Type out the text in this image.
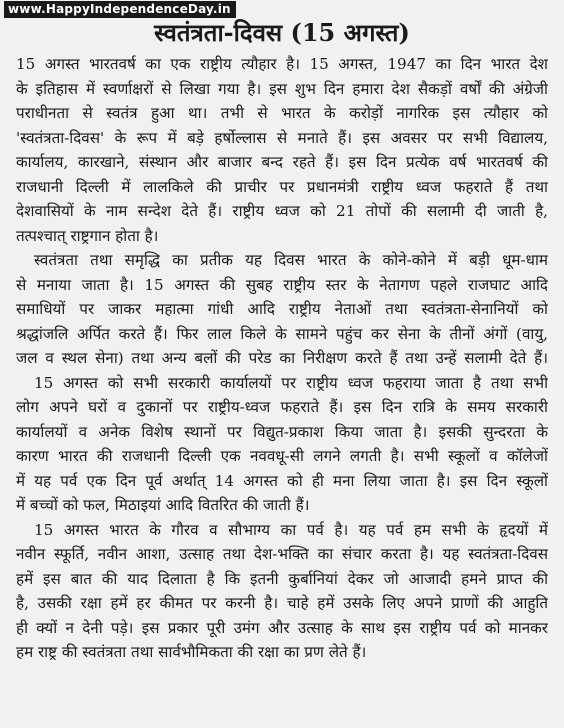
www.HappyIndependenceDay.in
स्वतंत्रता-दिवस (15 अगस्त)
15 अगस्त भारतवर्ष का एक राष्ट्रीय त्यौहार है। 15 अगस्त, 1947 का दिन भारत देश
के इतिहास में स्वर्णाक्षरों से लिखा गया है। इस शुभ दिन हमारा देश सैकड़ों वर्षों की अंग्रेजी
पराधीनता से स्वतंत्र हुआ था। तभी से भारत के करोड़ों नागरिक इस त्यौहार को
'स्वतंत्रता-दिवस' के रूप में बड़े हर्षोल्लास से मनाते हैं। इस अवसर पर सभी विद्यालय,
कार्यालय, कारखाने, संस्थान और बाजार बन्द रहते हैं। इस दिन प्रत्येक वर्ष भारतवर्ष की
राजधानी दिल्ली में लालकिले की प्राचीर पर प्रधानमंत्री राष्ट्रीय ध्वज फहराते हैं तथा
देशवासियों के नाम सन्देश देते हैं। राष्ट्रीय ध्वज को 21 तोपों की सलामी दी जाती है,
तत्पश्चात् राष्ट्रगान होता है।
स्वतंत्रता तथा समृद्धि का प्रतीक यह दिवस भारत के कोने-कोने में बड़ी धूम-धाम
से मनाया जाता है। 15 अगस्त की सुबह राष्ट्रीय स्तर के नेतागण पहले राजघाट आदि
समाधियों पर जाकर महात्मा गांधी आदि राष्ट्रीय नेताओं तथा स्वतंत्रता-सेनानियों को
श्रद्धांजलि अर्पित करते हैं। फिर लाल किले के सामने पहुंच कर सेना के तीनों अंगों (वायु,
जल व स्थल सेना) तथा अन्य बलों की परेड का निरीक्षण करते हैं तथा उन्हें सलामी देते हैं।
15 अगस्त को सभी सरकारी कार्यालयों पर राष्ट्रीय ध्वज फहराया जाता है तथा सभी
लोग अपने घरों व दुकानों पर राष्ट्रीय-ध्वज फहराते हैं। इस दिन रात्रि के समय सरकारी
कार्यालयों व अनेक विशेष स्थानों पर विद्युत-प्रकाश किया जाता है। इसकी सुन्दरता के
कारण भारत की राजधानी दिल्ली एक नववधू-सी लगने लगती है। सभी स्कूलों व कॉलेजों
में यह पर्व एक दिन पूर्व अर्थात् 14 अगस्त को ही मना लिया जाता है। इस दिन स्कूलों
में बच्चों को फल, मिठाइयां आदि वितरित की जाती हैं।
15 अगस्त भारत के गौरव व सौभाग्य का पर्व है। यह पर्व हम सभी के हृदयों में
नवीन स्फूर्ति, नवीन आशा, उत्साह तथा देश-भक्ति का संचार करता है। यह स्वतंत्रता-दिवस
हमें इस बात की याद दिलाता है कि इतनी कुर्बानियां देकर जो आजादी हमने प्राप्त की
है, उसकी रक्षा हमें हर कीमत पर करनी है। चाहे हमें उसके लिए अपने प्राणों की आहुति
ही क्यों न देनी पड़े। इस प्रकार पूरी उमंग और उत्साह के साथ इस राष्ट्रीय पर्व को मानकर
हम राष्ट्र की स्वतंत्रता तथा सार्वभौमिकता की रक्षा का प्रण लेते हैं।
